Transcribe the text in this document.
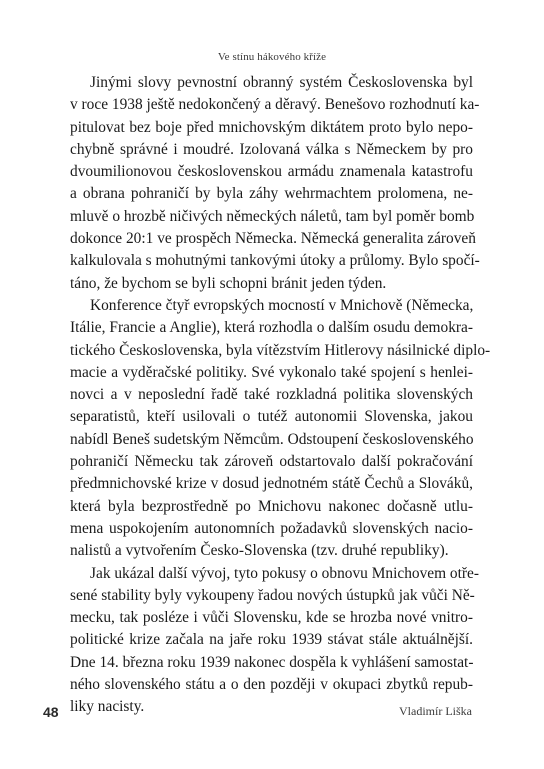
Ve stínu hákového kříže

Jinými slovy pevnostní obranný systém Československa byl
v roce 1938 ještě nedokončený a děravý. Benešovo rozhodnutí ka-
pitulovat bez boje před mnichovským diktátem proto bylo nepo-
chybně správné i moudré. Izolovaná válka s Německem by pro
dvoumilionovou československou armádu znamenala katastrofu
a obrana pohraničí by byla záhy wehrmachtem prolomena, ne-
mluvě o hrozbě ničivých německých náletů, tam byl poměr bomb
dokonce 20:1 ve prospěch Německa. Německá generalita zároveň
kalkulovala s mohutnými tankovými útoky a průlomy. Bylo spočí-
táno, že bychom se byli schopni bránit jeden týden.

Konference čtyř evropských mocností v Mnichově (Německa,
Itálie, Francie a Anglie), která rozhodla o dalším osudu demokra-
tického Československa, byla vítězstvím Hitlerovy násilnické diplo-
macie a vyděračské politiky. Své vykonalo také spojení s henlei-
novci a v neposlední řadě také rozkladná politika slovenských
separatistů, kteří usilovali o tutéž autonomii Slovenska, jakou
nabídl Beneš sudetským Němcům. Odstoupení československého
pohraničí Německu tak zároveň odstartovalo další pokračování
předmnichovské krize v dosud jednotném státě Čechů a Slováků,
která byla bezprostředně po Mnichovu nakonec dočasně utlu-
mena uspokojením autonomních požadavků slovenských nacio-
nalistů a vytvořením Česko-Slovenska (tzv. druhé republiky).

Jak ukázal další vývoj, tyto pokusy o obnovu Mnichovem otře-
sené stability byly vykoupeny řadou nových ústupků jak vůči Ně-
mecku, tak posléze i vůči Slovensku, kde se hrozba nové vnitro-
politické krize začala na jaře roku 1939 stávat stále aktuálnější.
Dne 14. března roku 1939 nakonec dospěla k vyhlášení samostat-
ného slovenského státu a o den později v okupaci zbytků repub-
liky nacisty.

48	Vladimír Liška
